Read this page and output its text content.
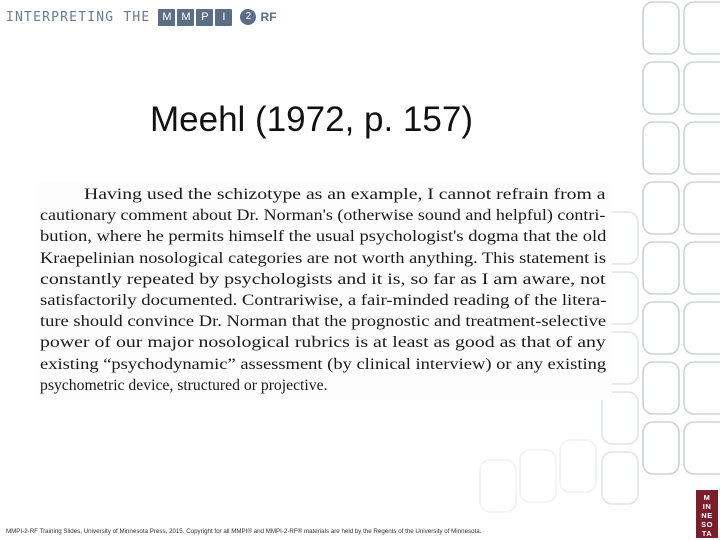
INTERPRETING THE	M M P	I	2 RF
Meehl (1972, p. 157)
Having used the schizotype as an example, I cannot refrain from a
cautionary comment about Dr. Norman's (otherwise sound and helpful) contri-
bution, where he permits himself the usual psychologist's dogma that the old
Kraepelinian nosological categories are not worth anything. This statement is
constantly repeated by psychologists and it is, so far as I am aware, not
satisfactorily documented. Contrariwise, a fair-minded reading of the litera-
ture should convince Dr. Norman that the prognostic and treatment-selective
power of our major nosological rubrics is at least as good as that of any
existing “psychodynamic” assessment (by clinical interview) or any existing
psychometric device, structured or projective.
MMPI-2-RF Training Slides, University of Minnesota Press, 2015. Copyright for all MMPI® and MMPI-2-RF® materials are held by the Regents of the University of Minnesota.
M
IN
NE
SO
TA
